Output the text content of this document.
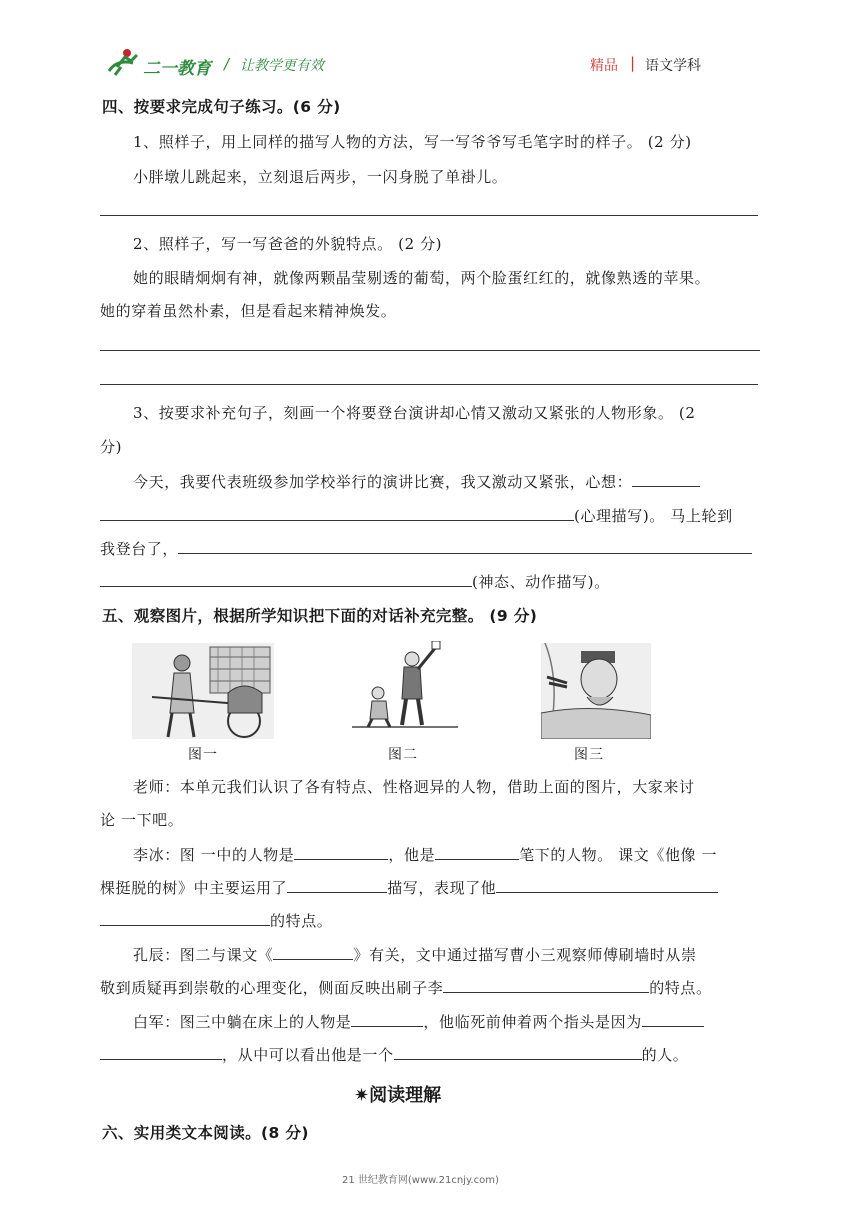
二一教育 / 让教学更有效	精品 | 语文学科
四、按要求完成句子练习。(6 分)
1、照样子，用上同样的描写人物的方法，写一写爷爷写毛笔字时的样子。 (2 分)
小胖墩儿跳起来，立刻退后两步，一闪身脱了单褂儿。
2、照样子，写一写爸爸的外貌特点。 (2 分)
她的眼睛炯炯有神，就像两颗晶莹剔透的葡萄，两个脸蛋红红的，就像熟透的苹果。
她的穿着虽然朴素，但是看起来精神焕发。
3、按要求补充句子，刻画一个将要登台演讲却心情又激动又紧张的人物形象。 (2
分)
今天，我要代表班级参加学校举行的演讲比赛，我又激动又紧张，心想：
(心理描写)。 马上轮到
我登台了，
(神态、动作描写)。
五、观察图片，根据所学知识把下面的对话补充完整。 (9 分)
图一	图二	图三
老师：本单元我们认识了各有特点、性格迥异的人物，借助上面的图片，大家来讨
论 一下吧。
李冰：图 一中的人物是	，他是	笔下的人物。 课文《他像 一
棵挺脱的树》中主要运用了	描写，表现了他
的特点。
孔辰：图二与课文《	》有关，文中通过描写曹小三观察师傅刷墙时从崇
敬到质疑再到崇敬的心理变化，侧面反映出刷子李	的特点。
白军：图三中躺在床上的人物是	，他临死前伸着两个指头是因为
，从中可以看出他是一个	的人。
✷阅读理解
六、实用类文本阅读。(8 分)
21 世纪教育网(www.21cnjy.com)
